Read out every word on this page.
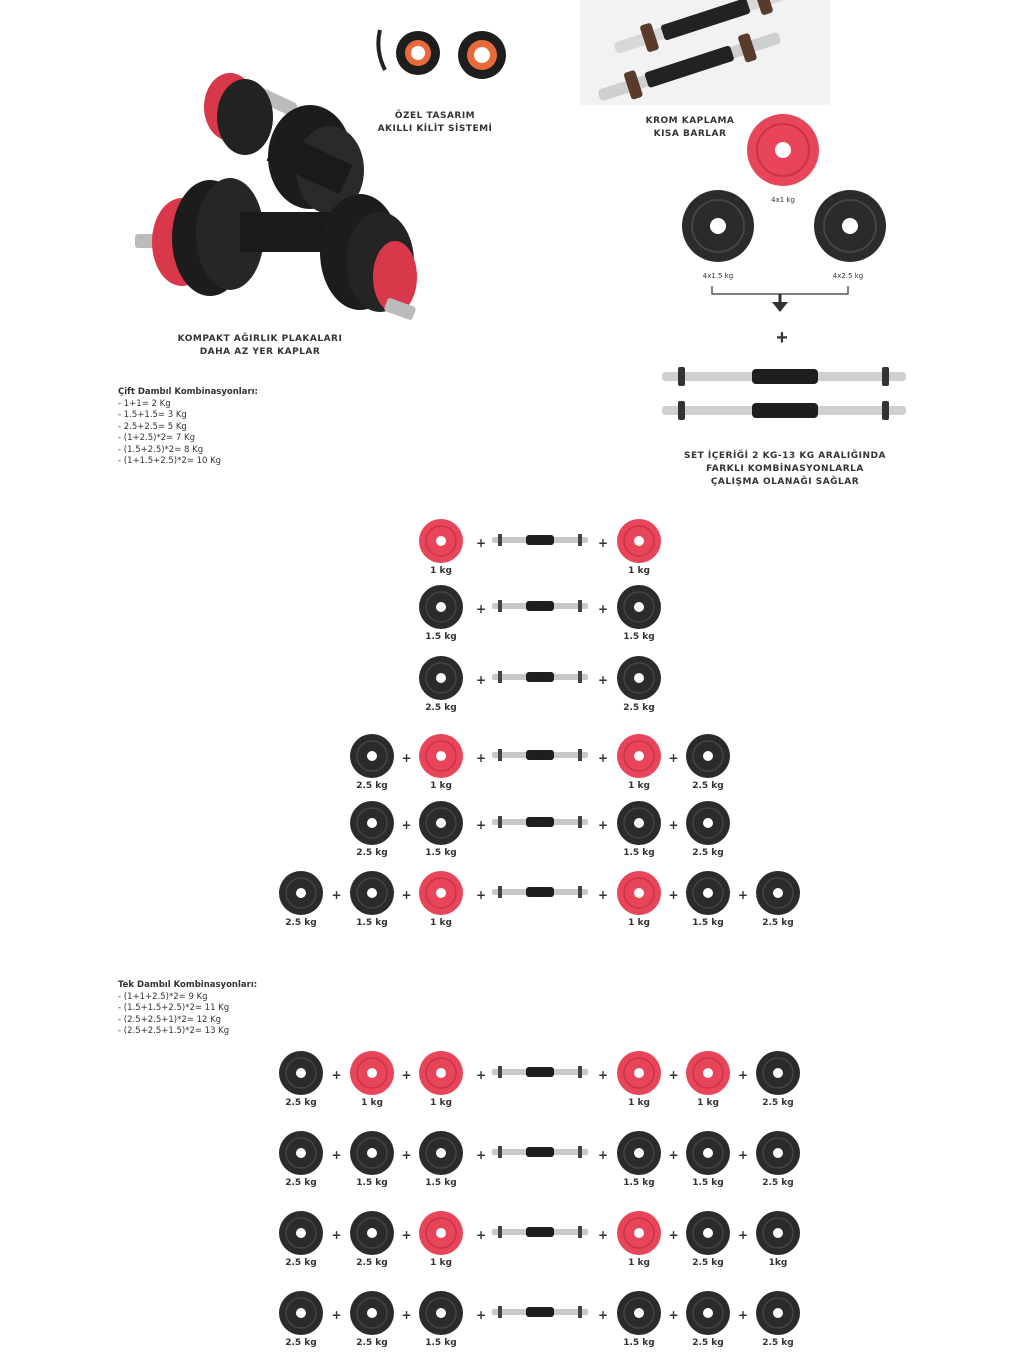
ÖZEL TASARIM
AKILLI KİLİT SİSTEMİ
KROM KAPLAMA
KISA BARLAR
4x1 kg
4x1.5 kg	4x2.5 kg
+
KOMPAKT AĞIRLIK PLAKALARI
DAHA AZ YER KAPLAR
SET İÇERİĞİ 2 KG-13 KG ARALIĞINDA
FARKLI KOMBİNASYONLARLA
ÇALIŞMA OLANAĞI SAĞLAR
Çift Dambıl Kombinasyonları:
- 1+1= 2 Kg
- 1.5+1.5= 3 Kg
- 2.5+2.5= 5 Kg
- (1+2.5)*2= 7 Kg
- (1.5+2.5)*2= 8 Kg
- (1+1.5+2.5)*2= 10 Kg
Tek Dambıl Kombinasyonları:
- (1+1+2.5)*2= 9 Kg
- (1.5+1.5+2.5)*2= 11 Kg
- (2.5+2.5+1)*2= 12 Kg
- (2.5+2.5+1.5)*2= 13 Kg
+	+
1 kg	1 kg
+	+
1.5 kg	1.5 kg
+	+
2.5 kg	2.5 kg
+	+
1 kg	1 kg
2.5 kg	2.5 kg
+	+
+	+
1.5 kg	1.5 kg
2.5 kg	2.5 kg
+	+
+	+
1 kg	1 kg
1.5 kg	1.5 kg
+	+
2.5 kg	2.5 kg
+	+
+	+
1 kg	1 kg
1 kg	1 kg
+	+
2.5 kg	2.5 kg
+	+
+	+
1.5 kg	1.5 kg
1.5 kg	1.5 kg
+	+
2.5 kg	2.5 kg
+	+
+	+
1 kg	1 kg
2.5 kg	2.5 kg
+	+
2.5 kg	1kg
+	+
+	+
1.5 kg	1.5 kg
2.5 kg	2.5 kg
+	+
2.5 kg	2.5 kg
+	+
